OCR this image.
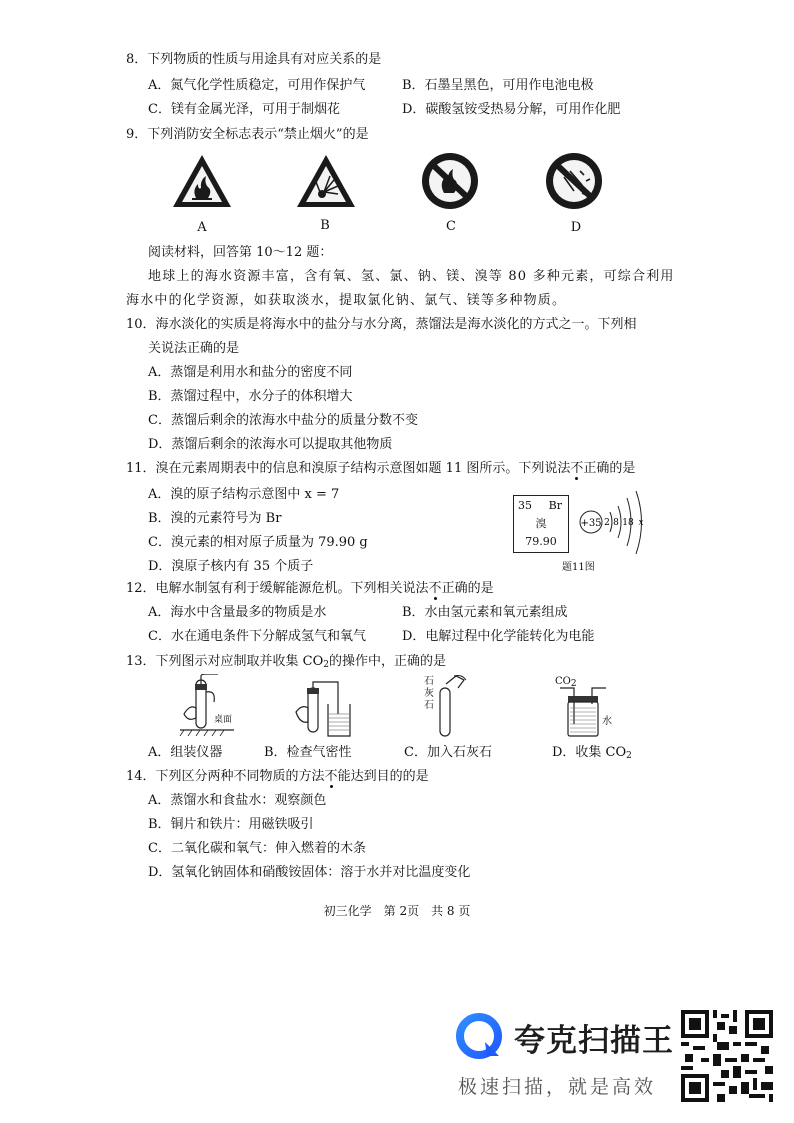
8．下列物质的性质与用途具有对应关系的是
A．氮气化学性质稳定，可用作保护气	B．石墨呈黑色，可用作电池电极
C．镁有金属光泽，可用于制烟花	D．碳酸氢铵受热易分解，可用作化肥
9．下列消防安全标志表示“禁止烟火”的是
A	B	C	D
阅读材料，回答第 10～12 题：
地球上的海水资源丰富，含有氧、氢、氯、钠、镁、溴等 80 多种元素，可综合利用
海水中的化学资源，如获取淡水，提取氯化钠、氯气、镁等多种物质。
10．海水淡化的实质是将海水中的盐分与水分离，蒸馏法是海水淡化的方式之一。下列相
关说法正确的是
A．蒸馏是利用水和盐分的密度不同
B．蒸馏过程中，水分子的体积增大
C．蒸馏后剩余的浓海水中盐分的质量分数不变
D．蒸馏后剩余的浓海水可以提取其他物质
11．溴在元素周期表中的信息和溴原子结构示意图如题 11 图所示。下列说法不正确的是
A．溴的原子结构示意图中 x = 7
B．溴的元素符号为 Br
C．溴元素的相对原子质量为 79.90 g
D．溴原子核内有 35 个质子
35 Br
溴
79.90
+35 2 8 18 x
题11图
12．电解水制氢有利于缓解能源危机。下列相关说法不正确的是
A．海水中含量最多的物质是水	B．水由氢元素和氧元素组成
C．水在通电条件下分解成氢气和氧气	D．电解过程中化学能转化为电能
13．下列图示对应制取并收集 $CO_2$的操作中，正确的是
桌面
石
灰
石
CO2
水
A．组装仪器	B．检查气密性	C．加入石灰石	D．收集 $CO_2$
14．下列区分两种不同物质的方法不能达到目的的是
A．蒸馏水和食盐水：观察颜色
B．铜片和铁片：用磁铁吸引
C．二氧化碳和氧气：伸入燃着的木条
D．氢氧化钠固体和硝酸铵固体：溶于水并对比温度变化
初三化学　第 2页　共 8 页
夸克扫描王
极速扫描，就是高效
